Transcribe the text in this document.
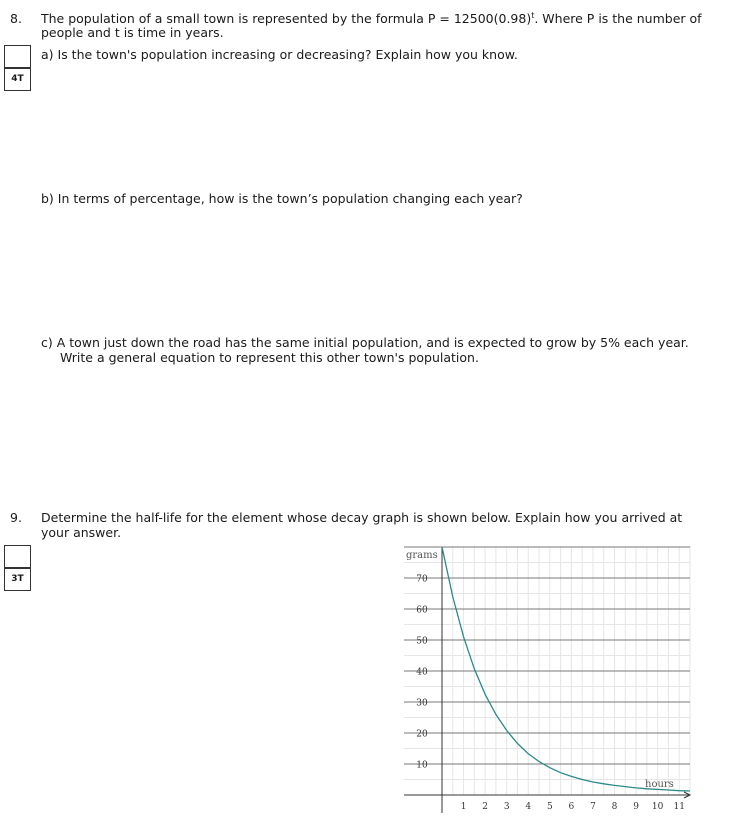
8. The population of a small town is represented by the formula $P = 12500(0.98)^t$. Where P is the number of
people and t is time in years.
4T
a) Is the town's population increasing or decreasing? Explain how you know.
b) In terms of percentage, how is the town’s population changing each year?
c) A town just down the road has the same initial population, and is expected to grow by 5% each year.
Write a general equation to represent this other town's population.
9. Determine the half-life for the element whose decay graph is shown below. Explain how you arrived at
your answer.
3T
10
20
30
40
50
60
70
1 2 3 4 5 6 7 8 9 10 11
grams
hours
